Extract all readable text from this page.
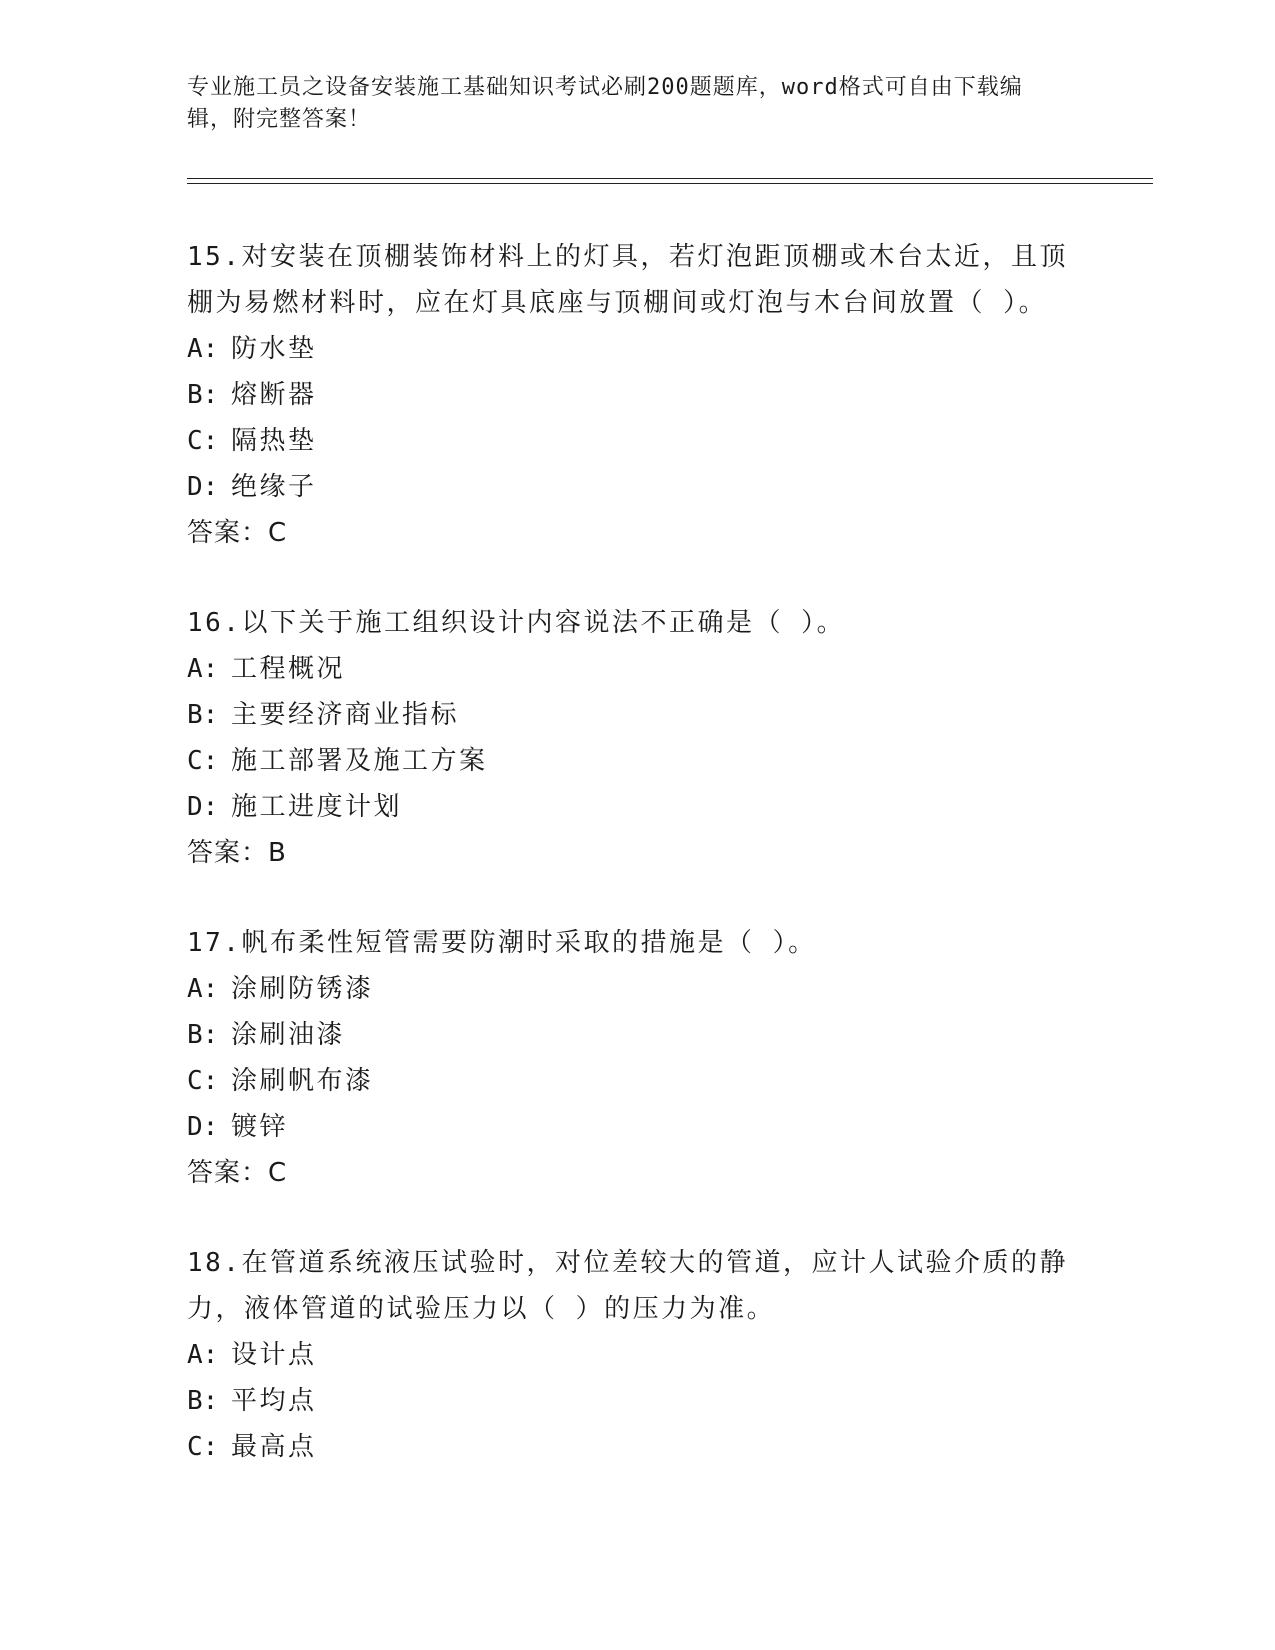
专业施工员之设备安装施工基础知识考试必刷200题题库，word格式可自由下载编辑，附完整答案！
15.对安装在顶棚装饰材料上的灯具，若灯泡距顶棚或木台太近，且顶棚为易燃材料时，应在灯具底座与顶棚间或灯泡与木台间放置（ ）。
A: 防水垫
B: 熔断器
C: 隔热垫
D: 绝缘子
答案：C
16.以下关于施工组织设计内容说法不正确是（ ）。
A: 工程概况
B: 主要经济商业指标
C: 施工部署及施工方案
D: 施工进度计划
答案：B
17.帆布柔性短管需要防潮时采取的措施是（ ）。
A: 涂刷防锈漆
B: 涂刷油漆
C: 涂刷帆布漆
D: 镀锌
答案：C
18.在管道系统液压试验时，对位差较大的管道，应计人试验介质的静力，液体管道的试验压力以（ ）的压力为准。
A: 设计点
B: 平均点
C: 最高点
